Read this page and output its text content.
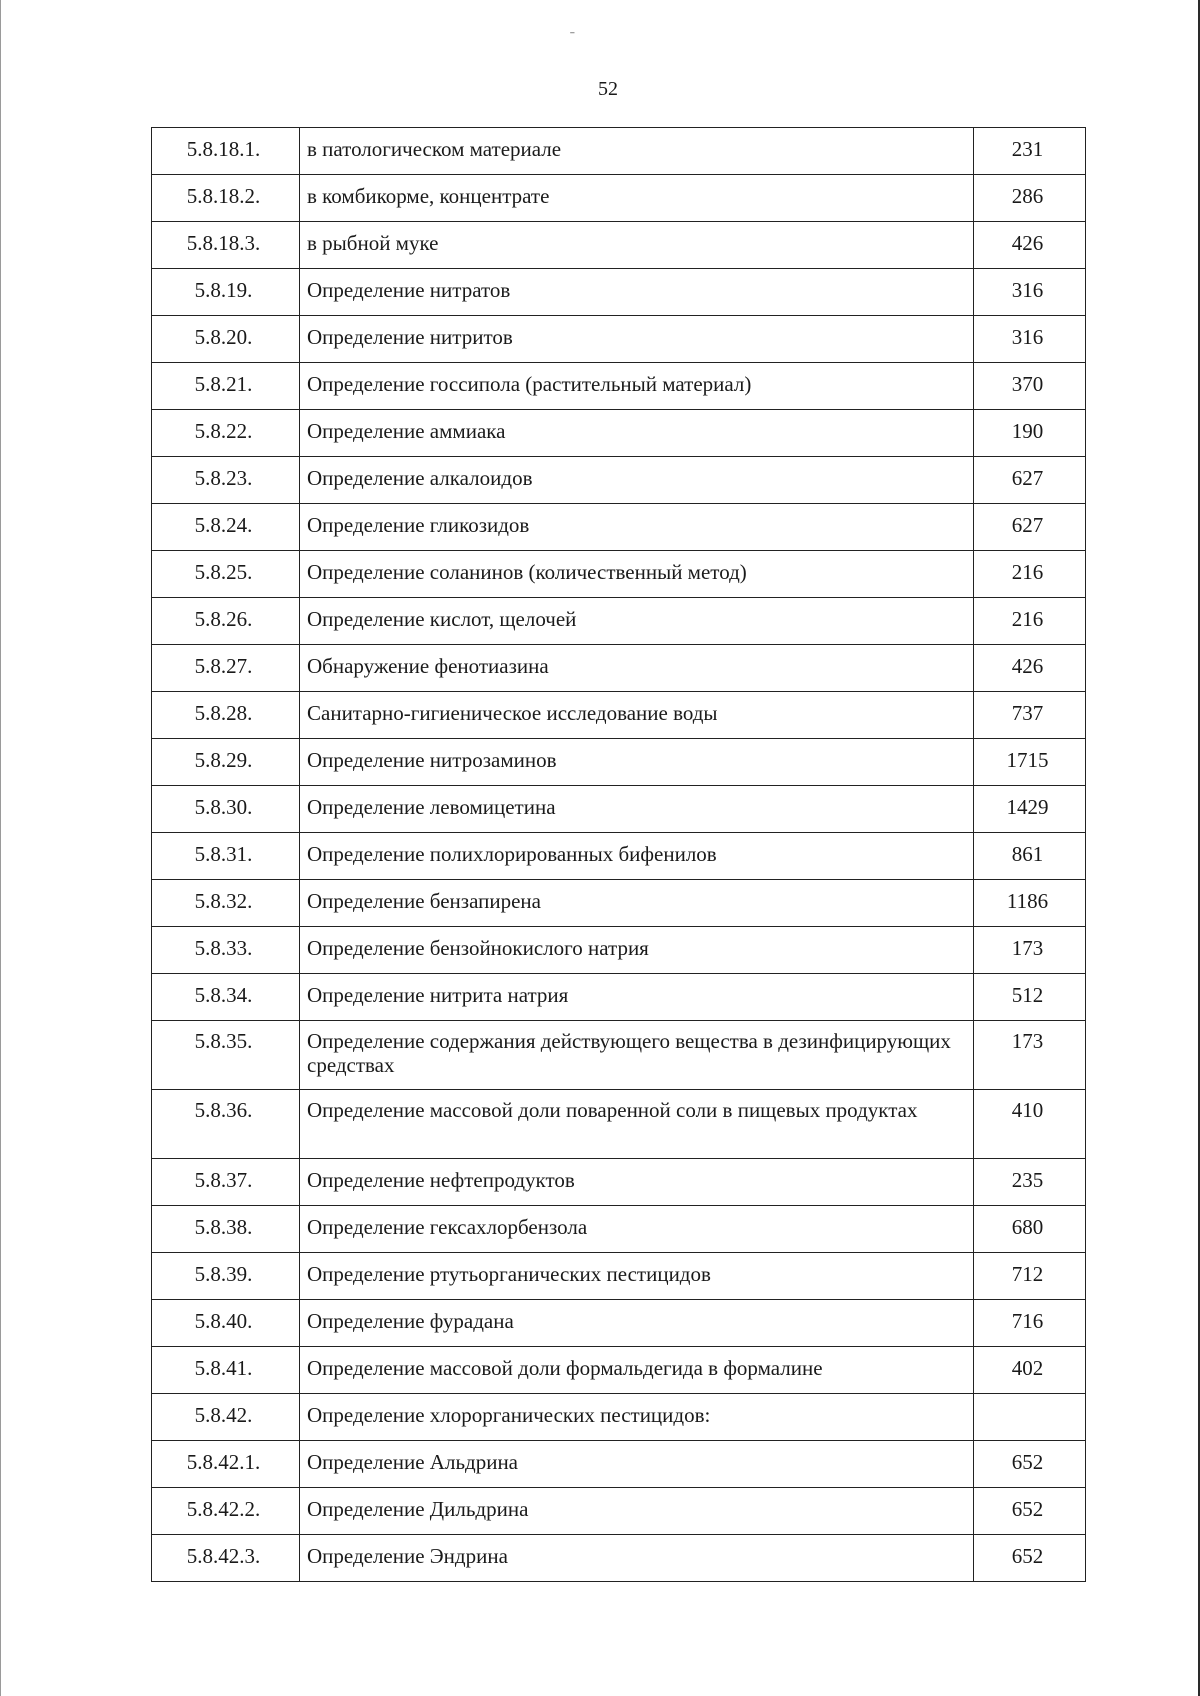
ˉ
52
5.8.18.1.	в патологическом материале	231
5.8.18.2.	в комбикорме, концентрате	286
5.8.18.3.	в рыбной муке	426
5.8.19.	Определение нитратов	316
5.8.20.	Определение нитритов	316
5.8.21.	Определение госсипола (растительный материал)	370
5.8.22.	Определение аммиака	190
5.8.23.	Определение алкалоидов	627
5.8.24.	Определение гликозидов	627
5.8.25.	Определение соланинов (количественный метод)	216
5.8.26.	Определение кислот, щелочей	216
5.8.27.	Обнаружение фенотиазина	426
5.8.28.	Санитарно-гигиеническое исследование воды	737
5.8.29.	Определение нитрозаминов	1715
5.8.30.	Определение левомицетина	1429
5.8.31.	Определение полихлорированных бифенилов	861
5.8.32.	Определение бензапирена	1186
5.8.33.	Определение бензойнокислого натрия	173
5.8.34.	Определение нитрита натрия	512
5.8.35.	Определение содержания действующего вещества в дезинфицирующих средствах	173
5.8.36.	Определение массовой доли поваренной соли в пищевых продуктах	410
5.8.37.	Определение нефтепродуктов	235
5.8.38.	Определение гексахлорбензола	680
5.8.39.	Определение ртутьорганических пестицидов	712
5.8.40.	Определение фурадана	716
5.8.41.	Определение массовой доли формальдегида в формалине	402
5.8.42.	Определение хлорорганических пестицидов:	
5.8.42.1.	Определение Альдрина	652
5.8.42.2.	Определение Дильдрина	652
5.8.42.3.	Определение Эндрина	652
